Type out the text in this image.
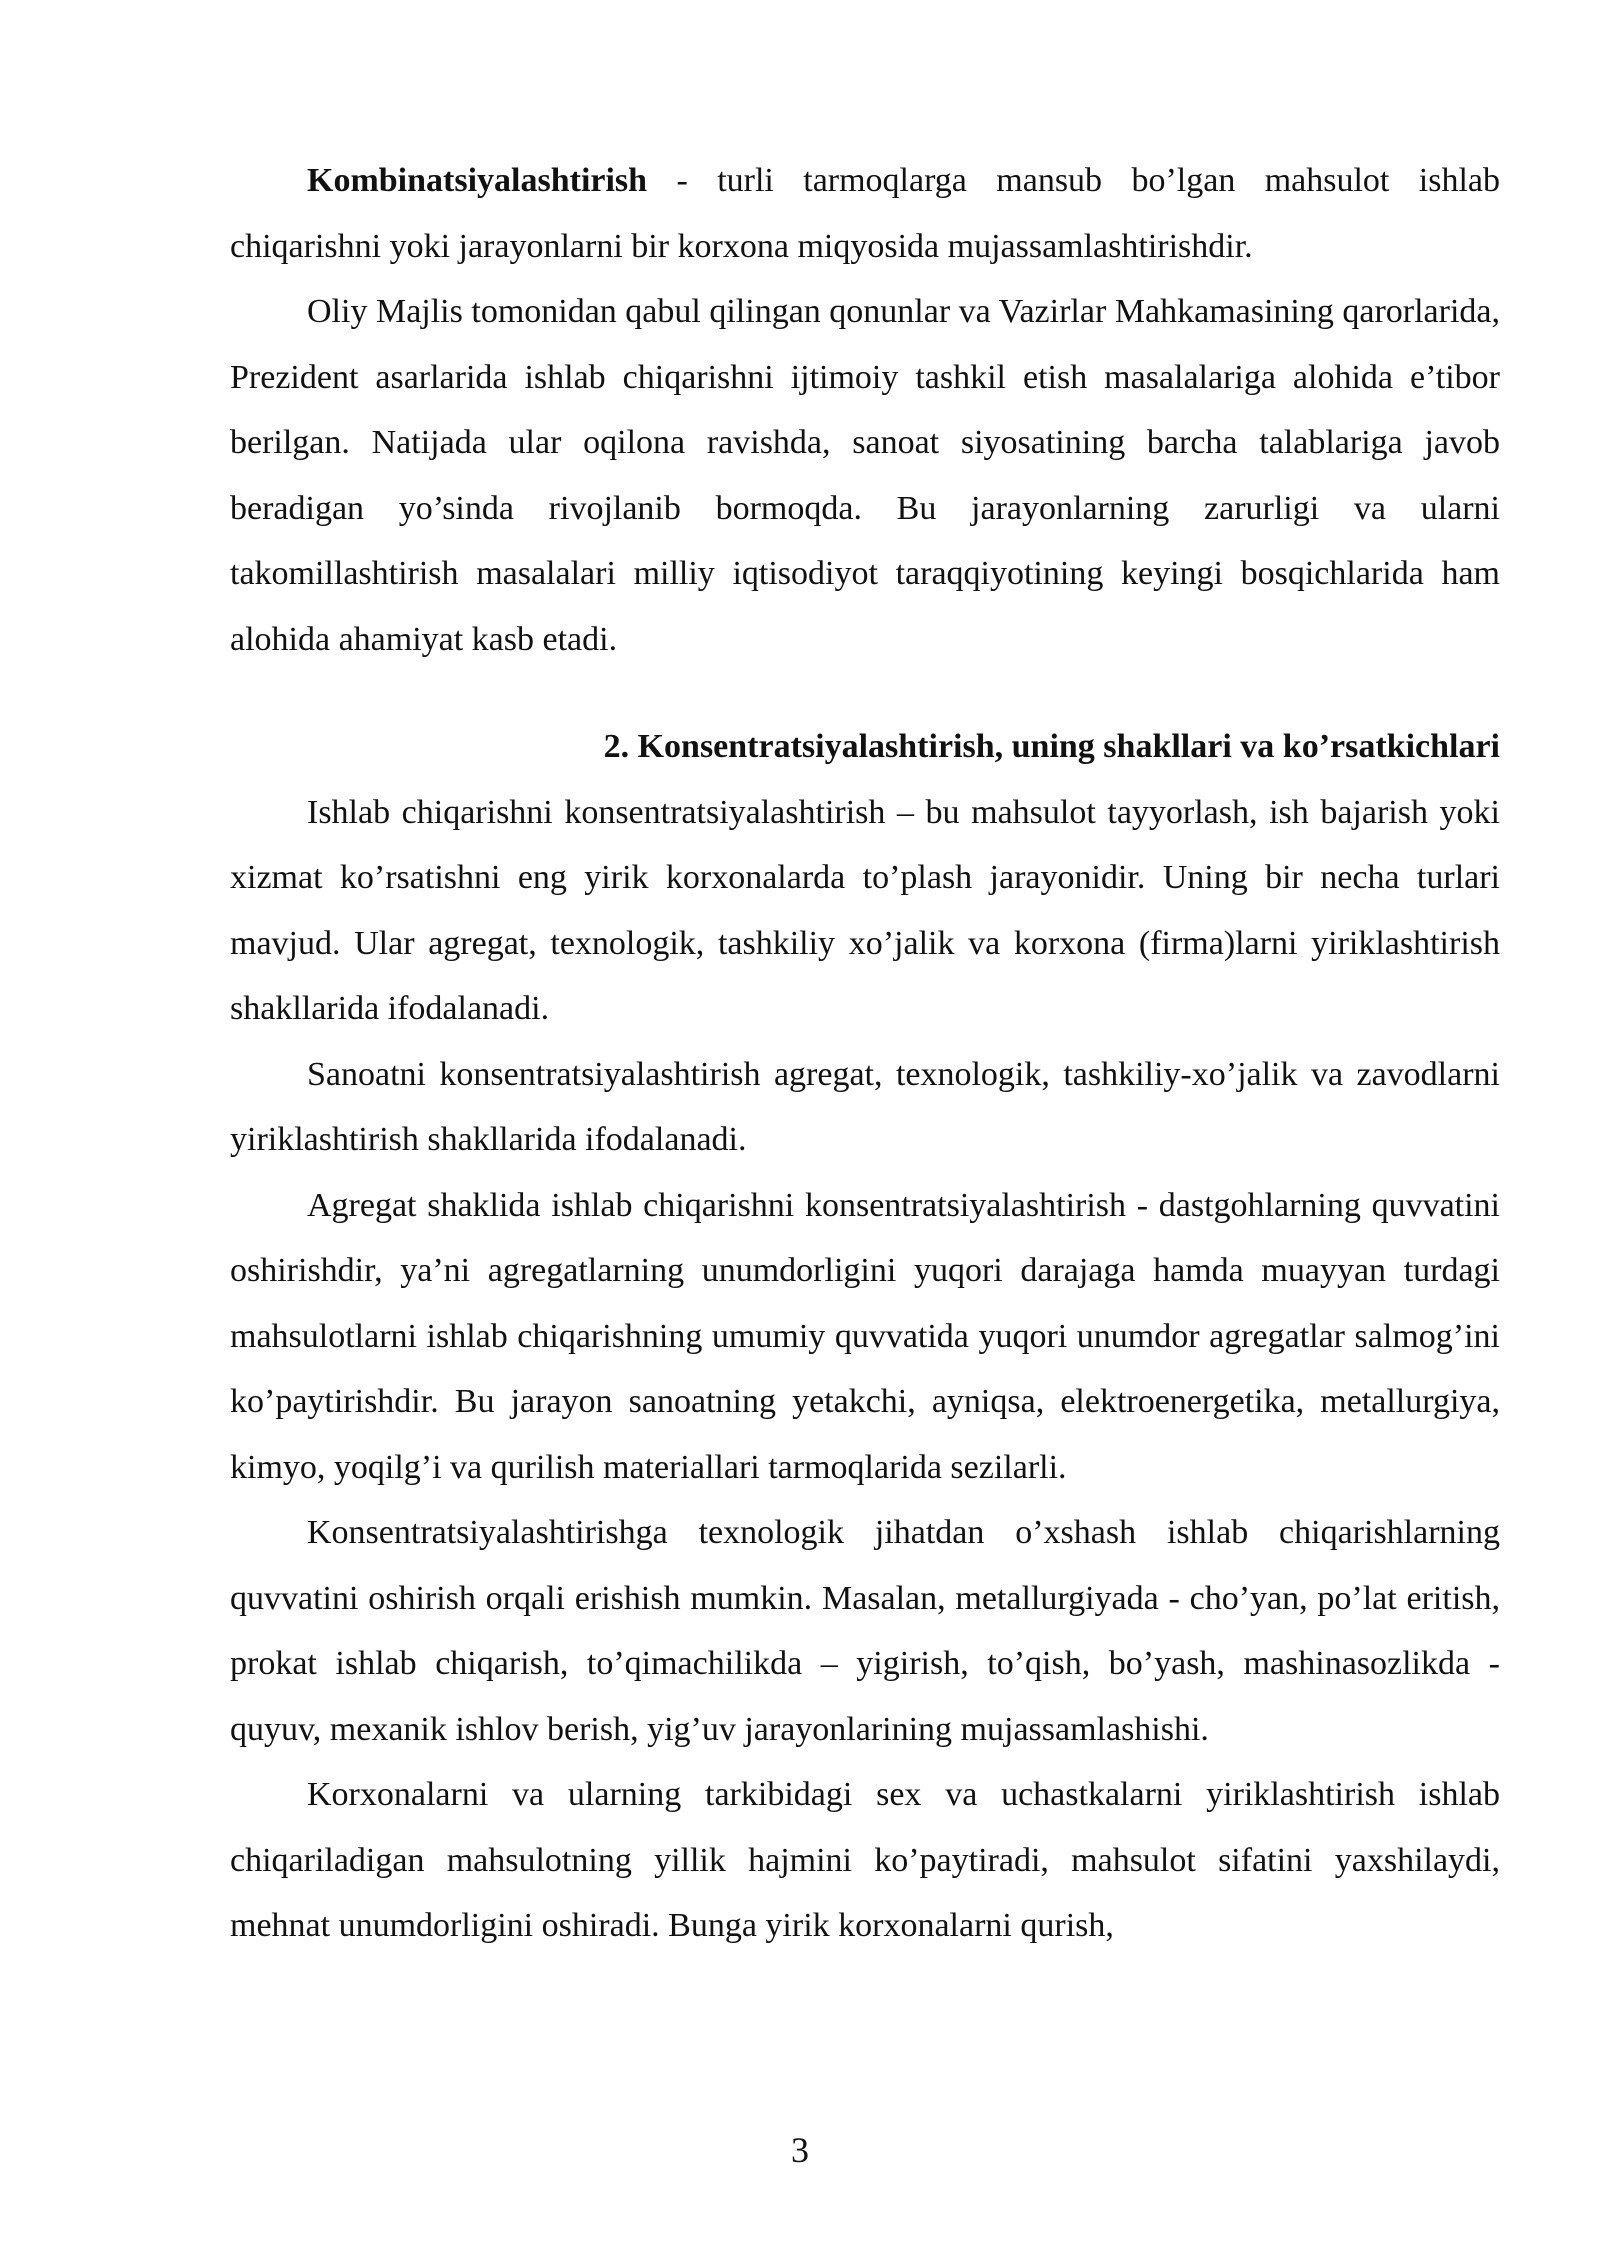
Kombinatsiyalashtirish - turli tarmoqlarga mansub bo’lgan mahsulot ishlab chiqarishni yoki jarayonlarni bir korxona miqyosida mujassamlashtirishdir.

Oliy Majlis tomonidan qabul qilingan qonunlar va Vazirlar Mahkamasining qarorlarida, Prezident asarlarida ishlab chiqarishni ijtimoiy tashkil etish masalalariga alohida e’tibor berilgan. Natijada ular oqilona ravishda, sanoat siyosatining barcha talablariga javob beradigan yo’sinda rivojlanib bormoqda. Bu jarayonlarning zarurligi va ularni takomillashtirish masalalari milliy iqtisodiyot taraqqiyotining keyingi bosqichlarida ham alohida ahamiyat kasb etadi.

2. Konsentratsiyalashtirish, uning shakllari va ko’rsatkichlari

Ishlab chiqarishni konsentratsiyalashtirish – bu mahsulot tayyorlash, ish bajarish yoki xizmat ko’rsatishni eng yirik korxonalarda to’plash jarayonidir. Uning bir necha turlari mavjud. Ular agregat, texnologik, tashkiliy xo’jalik va korxona (firma)larni yiriklashtirish shakllarida ifodalanadi.

Sanoatni konsentratsiyalashtirish agregat, texnologik, tashkiliy-xo’jalik va zavodlarni yiriklashtirish shakllarida ifodalanadi.

Agregat shaklida ishlab chiqarishni konsentratsiyalashtirish - dastgohlarning quvvatini oshirishdir, ya’ni agregatlarning unumdorligini yuqori darajaga hamda muayyan turdagi mahsulotlarni ishlab chiqarishning umumiy quvvatida yuqori unumdor agregatlar salmog’ini ko’paytirishdir. Bu jarayon sanoatning yetakchi, ayniqsa, elektroenergetika, metallurgiya, kimyo, yoqilg’i va qurilish materiallari tarmoqlarida sezilarli.

Konsentratsiyalashtirishga texnologik jihatdan o’xshash ishlab chiqarishlarning quvvatini oshirish orqali erishish mumkin. Masalan, metallurgiyada - cho’yan, po’lat eritish, prokat ishlab chiqarish, to’qimachilikda – yigirish, to’qish, bo’yash, mashinasozlikda - quyuv, mexanik ishlov berish, yig’uv jarayonlarining mujassamlashishi.

Korxonalarni va ularning tarkibidagi sex va uchastkalarni yiriklashtirish ishlab chiqariladigan mahsulotning yillik hajmini ko’paytiradi, mahsulot sifatini yaxshilaydi, mehnat unumdorligini oshiradi. Bunga yirik korxonalarni qurish,

3
